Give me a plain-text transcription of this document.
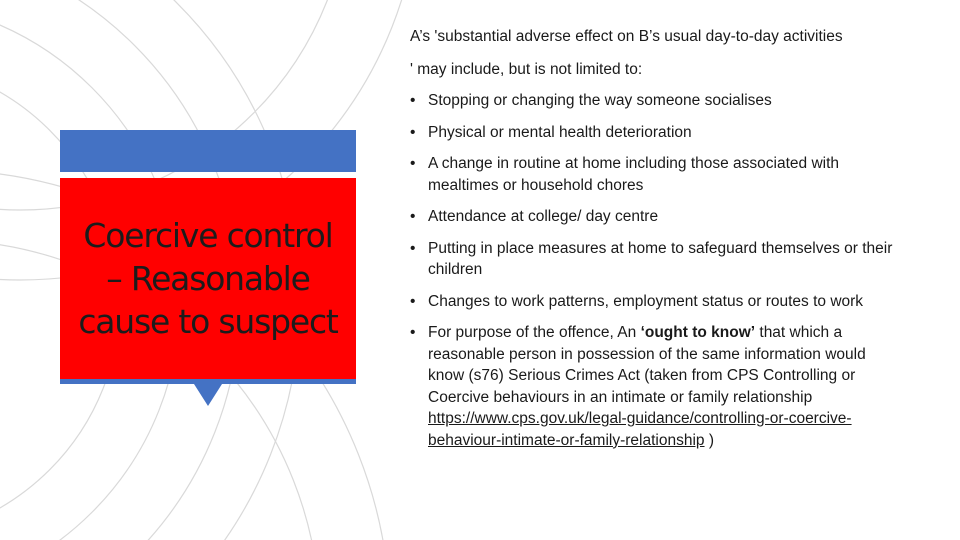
Coercive control
– Reasonable
cause to suspect

A’s 'substantial adverse effect on B’s usual day-to-day activities

' may include, but is not limited to:

• Stopping or changing the way someone socialises
• Physical or mental health deterioration
• A change in routine at home including those associated with mealtimes or household chores
• Attendance at college/ day centre
• Putting in place measures at home to safeguard themselves or their children
• Changes to work patterns, employment status or routes to work
• For purpose of the offence, An ‘ought to know’ that which a reasonable person in possession of the same information would know (s76) Serious Crimes Act (taken from CPS Controlling or Coercive behaviours in an intimate or family relationship https://www.cps.gov.uk/legal-guidance/controlling-or-coercive-behaviour-intimate-or-family-relationship )
